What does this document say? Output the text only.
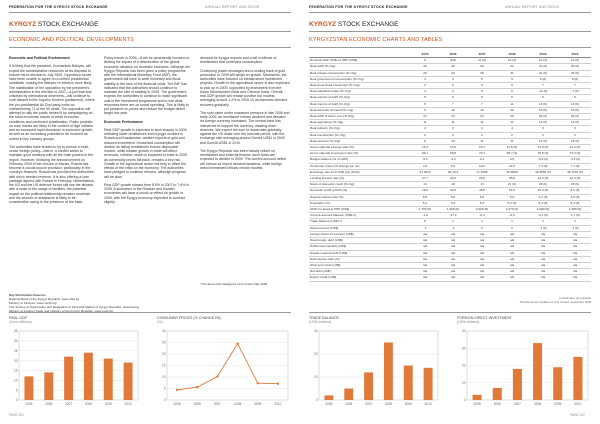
FEDERATION FOR THE KYRGYZ STOCK EXCHANGE	ANNUAL REPORT AND BOOK
KYRGYZ STOCK EXCHANGE
ECONOMIC AND POLITICAL DEVELOPMENTS

Economic and Political Environment

It is likely that the president, Kurmanbek Bakiyev, will exploit the administrative resources at his disposal to ensure his re-election in July 2009. Opposition forces have been unable to agree on a unified presidential candidate, making the Bakiyev re-election more likely. The stabilisation of the opposition by the president's administration in the election in 2007—a poll that was criticised by international observers—will continue to curb dissent in the Jogorku Kenesh (parliament), where the pro-presidential Ak Zhol party holds an overwhelming 71 of the 90 seats. The opposition will attempt to rally the public behind it by campaigning on the socio-economic issues of weak economic conditions and continued privatisation. Public protests on such issues are likely in the context of high inflation and an increased rapid slowdown in economic growth, as well as an increasing potential to be involved as unrest in key industry groups.

The authorities have tended to try to pursue a multi-vector foreign policy—that is, a conflict seeks to maintain good relations with all the main powers in the region. However, following the announcement on February 2009 of the closure of Manas, Russia has become a crucial source provision, particularly in the country's finances. Russia has provided the authorities with much needed revenue. It is also offering a loan package agreed with Russia in February. Nevertheless, the US and the US defence forces still use the airbase, with a scale of the usage of facilities, the potential impact on the political relationship remains uncertain and the amount of assistance is likely to be considerable owing to the presence of the base.

Policy trends in 2009—It will be persistently focused on limiting the impact of a deterioration of the global economic situation on domestic economic. Although the Kyrgyz Republic has been given a policy programme with the International Monetary Fund (IMF), the government will have to seek monetary and fiscal stability in the face of the financial crisis. The IMF has indicated that the authorities should continue to maintain the rate of stability in 2009. The government expects the authorities to continue to make significant cuts in the investment programme and to use what resources there are on social spending. This is likely to put pressure on prices and reduce the budget deficit target this year.

Economic Performance

Real GDP growth is expected to slow sharply in 2009, reflecting lower remittances from Kyrgyz workers in Russia and Kazakhstan, weaker exports of gold and reduced investment. Household consumption will decline as falling remittances reduce disposable income, while weaker growth in trade will affect revenues. Inflation, which is expected to ease in 2009 as commodity prices fall back, remains a key risk. Growth in the agricultural sector will help to offset the effects of the crisis on the economy. The authorities have pledged to continue reforms, although progress will be slow.

Real GDP growth slowed from 8.5% in 2007 to 7.6% in 2008. A slowdown in the Russian and Kazakh economies will have a knock-on effect on growth in 2009, with the Kyrgyz economy expected to contract slightly.

demand for Kyrgyz exports and a fall in inflows of remittances that underpins consumption.

Continuing power shortages and a scaling back of gold production in 2009 will weigh on growth. Meanwhile, the authorities have focused on infrastructure investment projects. Growth in the agricultural sector is also expected to pick up in 2009, supported by investment from the Asian Development Bank and Chinese loans. Overall, real GDP growth will remain positive but modest, averaging around 1-2% in 2009-10 as domestic demand recovers gradually.

The som came under sustained pressure in late 2008 and early 2009, as remittance inflows declined and demand for foreign currency increased. The central bank has intervened to support the currency, drawing down reserves. We expect the som to depreciate gradually against the US dollar over the forecast period, with the exchange rate averaging around Som44:US$1 in 2009 and Som46:US$1 in 2010.

The Kyrgyz Republic has been heavily reliant on remittances and external finance; such flows are expected to decline in 2009. The current-account deficit will narrow as import demand weakens, while foreign direct investment inflows remain modest.

* The Economist Intelligence Unit Limited, May 2009
Key Information Sources
National Bank of the Kyrgyz Republic: www.nbkr.kg
Ministry of Finance: www.minfin.kg
The Service of Supervision and Regulation of Financial Market of Kyrgyz Republic: www.fsa.kg
Ministry of Foreign Trade and Industry of the Kyrgyz Republic: www.mvtp.kg
REAL GDP
(Som millions)
0
5
10
15
20
25
30
35
2005	2006	2007	2008	2009	2010
CONSUMER PRICES (% CHANGE PA)
(%)
0
5
10
15
20
25
30
2005	2006	2007	2008	2009	2010
PAGE 101
FEDERATION FOR THE KYRGYZ STOCK EXCHANGE	ANNUAL REPORT AND BOOK
KYRGYZ STOCK EXCHANGE
KYRGYZSTAN ECONOMIC CHARTS AND TABLES
	2005	2006	2007	2008	2009	2010
Nominal GDP (US$ m) PPP (US$)	9	(8,6)	11 (6)	12 (4)	12 (4)	13 (6)
Real GDP (% chg)	20	20	29	31	31 (6)	33 (6)
Real private consumption (% chg)	20	20	29	31	31 (6)	33 (6)
Real government consumption (% chg)	4	4	5	5	6 (6)	5 (6)
Real gross fixed investment (% chg)	2	6	6	6	7	7
Real industrial output (% chg)	4	4	6	6	-11 (6)	-7 (6)
Real exports of G&S (% chg)	5	5	5	6	6	5
Real imports of G&S (% chg)	5	7	7	11	13 (6)	13 (6)
Real domestic demand (% chg)	5	10	10	10	10 (6)	10 (6)
Real GDP at factor cost (% chg)	24	24	20	28	29 (6)	29 (6)
Real agriculture (% chg)	11	11	11	11	12 (6)	12 (6)
Real industry (% chg)	4	3	4	4	3	3
Real construction (% chg)	2	2	2	2	2	2
Real services (% chg)	9	10	11	11	14 (6)	15 (6)
Gross national savings ratio (%)	14,3	13,6	15,7	11,5 (6)	21,5 (6)	21,4 (6)
Gross national investment ratio (%)	69,1	69,8	79,1	68,7 (6)	78,8 (6)	73,3 (6)
Budget balance (% of GDP)	-5,2	-4,2	0,1	0,5	-6,6 (6)	-4,3 (6)
Consumer prices (% change pa; av)	4,4	5,6	10,2	24,5	7,3 (6)	7,1 (6)
Exchange rate LCU:US$ (av) (KGS)	41,0119	40,15,3	37,3165	36,5698	43,3550 (6)	46,7674 (6)
Lending interest rate (%)	27,7	23,2	25,6	25,5	23,2 (6)	22,4 (6)
Stock of domestic credit (% chg)	13	18	13	21 (6)	26 (6)	26 (6)
Domestic credit growth (%)	18,6	29,9	45,6	51,9	23,0 (6)	8,1 (6)
Deposit interest rate (%)	5,5	5,6	5,6	5,9	4,1 (6)	4,0 (6)
Population (m)	5,1	5,2	5,2	5,2 (6)	5,3 (6)	5,3 (6)
GDP per head at PPP (US$)	1,700 (6)	1,900 (6)	2,000 (6)	2,270 (6)	2,280 (6)	2,380 (6)
Current-account balance (US$ m)	-1,0	-17,9	-0,4	-0,6	-3,1 (6)	-1,7 (6)
Trade balance (US$ m)	0	1	1	1	1	1
Total reserves (US$)	-1	-1	0	0	-1 (6)	-1 (6)
Foreign direct investment (US$)	n/a	n/a	n/a	n/a	n/a	n/a
Total foreign debt (US$)	n/a	n/a	n/a	n/a	n/a	n/a
Public external debt (US$)	n/a	n/a	n/a	n/a	n/a	n/a
Private external debt (US$)	n/a	n/a	n/a	n/a	n/a	n/a
Debt service ratio (%)	n/a	n/a	n/a	n/a	n/a	n/a
Short-term debt (US$)	n/a	n/a	n/a	n/a	n/a	n/a
Net debt (US$)	n/a	n/a	n/a	n/a	n/a	n/a
Export credit (US$)	n/a	n/a	n/a	n/a	n/a	n/a
(a) Estimate. (b) Forecast
The Economist Intelligence Unit Limited, September 2009
TRADE BALANCE
(US$ millions)
0
10
20
30
2005	2006	2007	2008	2009	2010
FOREIGN DIRECT INVESTMENT
(US$ millions)
0
10
20
30
40
2005	2006	2007	2008	2009	2010
PAGE 102
